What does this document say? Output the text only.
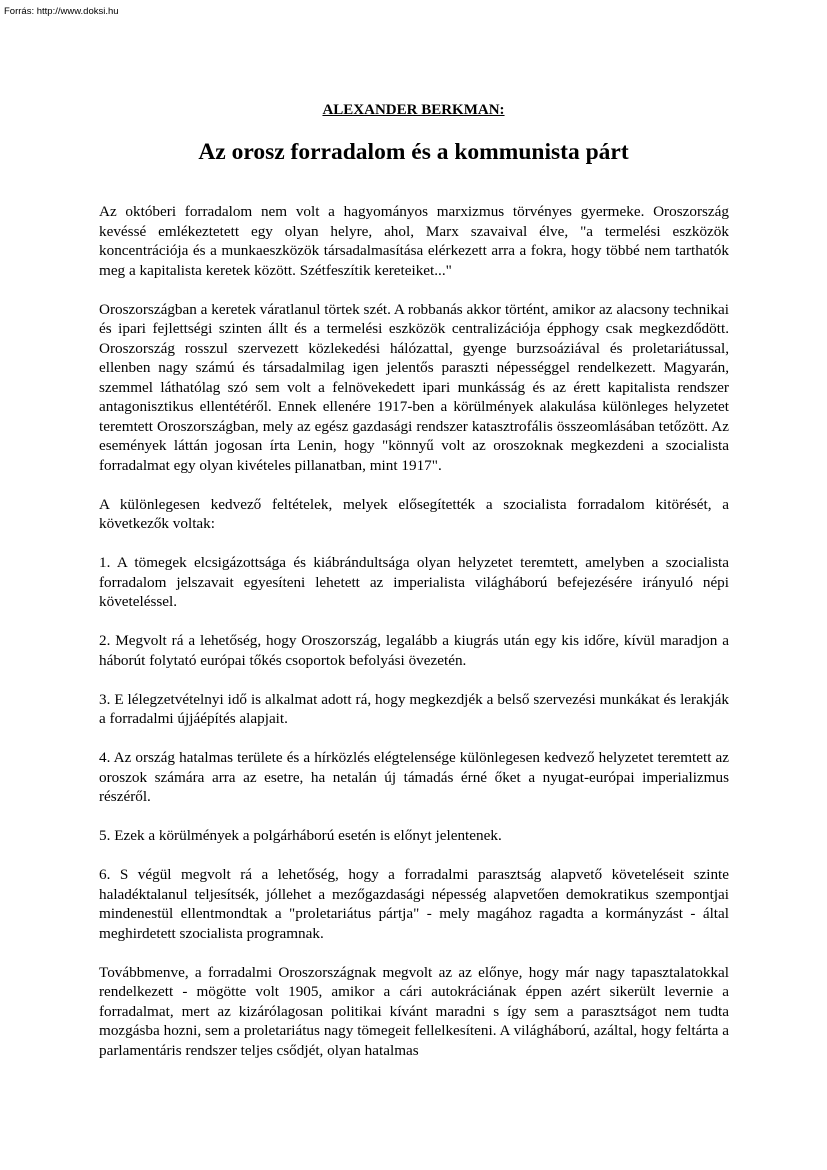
Forrás: http://www.doksi.hu
ALEXANDER BERKMAN:
Az orosz forradalom és a kommunista párt

Az októberi forradalom nem volt a hagyományos marxizmus törvényes gyermeke. Oroszország kevéssé emlékeztetett egy olyan helyre, ahol, Marx szavaival élve, "a termelési eszközök koncentrációja és a munkaeszközök társadalmasítása elérkezett arra a fokra, hogy többé nem tarthatók meg a kapitalista keretek között. Szétfeszítik kereteiket..."

Oroszországban a keretek váratlanul törtek szét. A robbanás akkor történt, amikor az alacsony technikai és ipari fejlettségi szinten állt és a termelési eszközök centralizációja épphogy csak megkezdődött. Oroszország rosszul szervezett közlekedési hálózattal, gyenge burzsoáziával és proletariátussal, ellenben nagy számú és társadalmilag igen jelentős paraszti népességgel rendelkezett. Magyarán, szemmel láthatólag szó sem volt a felnövekedett ipari munkásság és az érett kapitalista rendszer antagonisztikus ellentétéről. Ennek ellenére 1917-ben a körülmények alakulása különleges helyzetet teremtett Oroszországban, mely az egész gazdasági rendszer katasztrofális összeomlásában tetőzött. Az események láttán jogosan írta Lenin, hogy "könnyű volt az oroszoknak megkezdeni a szocialista forradalmat egy olyan kivételes pillanatban, mint 1917".

A különlegesen kedvező feltételek, melyek elősegítették a szocialista forradalom kitörését, a következők voltak:

1. A tömegek elcsigázottsága és kiábrándultsága olyan helyzetet teremtett, amelyben a szocialista forradalom jelszavait egyesíteni lehetett az imperialista világháború befejezésére irányuló népi követeléssel.

2. Megvolt rá a lehetőség, hogy Oroszország, legalább a kiugrás után egy kis időre, kívül maradjon a háborút folytató európai tőkés csoportok befolyási övezetén.

3. E lélegzetvételnyi idő is alkalmat adott rá, hogy megkezdjék a belső szervezési munkákat és lerakják a forradalmi újjáépítés alapjait.

4. Az ország hatalmas területe és a hírközlés elégtelensége különlegesen kedvező helyzetet teremtett az oroszok számára arra az esetre, ha netalán új támadás érné őket a nyugat-európai imperializmus részéről.

5. Ezek a körülmények a polgárháború esetén is előnyt jelentenek.

6. S végül megvolt rá a lehetőség, hogy a forradalmi parasztság alapvető követeléseit szinte haladéktalanul teljesítsék, jóllehet a mezőgazdasági népesség alapvetően demokratikus szempontjai mindenestül ellentmondtak a "proletariátus pártja" - mely magához ragadta a kormányzást - által meghirdetett szocialista programnak.

Továbbmenve, a forradalmi Oroszországnak megvolt az az előnye, hogy már nagy tapasztalatokkal rendelkezett - mögötte volt 1905, amikor a cári autokráciának éppen azért sikerült levernie a forradalmat, mert az kizárólagosan politikai kívánt maradni s így sem a parasztságot nem tudta mozgásba hozni, sem a proletariátus nagy tömegeit fellelkesíteni. A világháború, azáltal, hogy feltárta a parlamentáris rendszer teljes csődjét, olyan hatalmas
